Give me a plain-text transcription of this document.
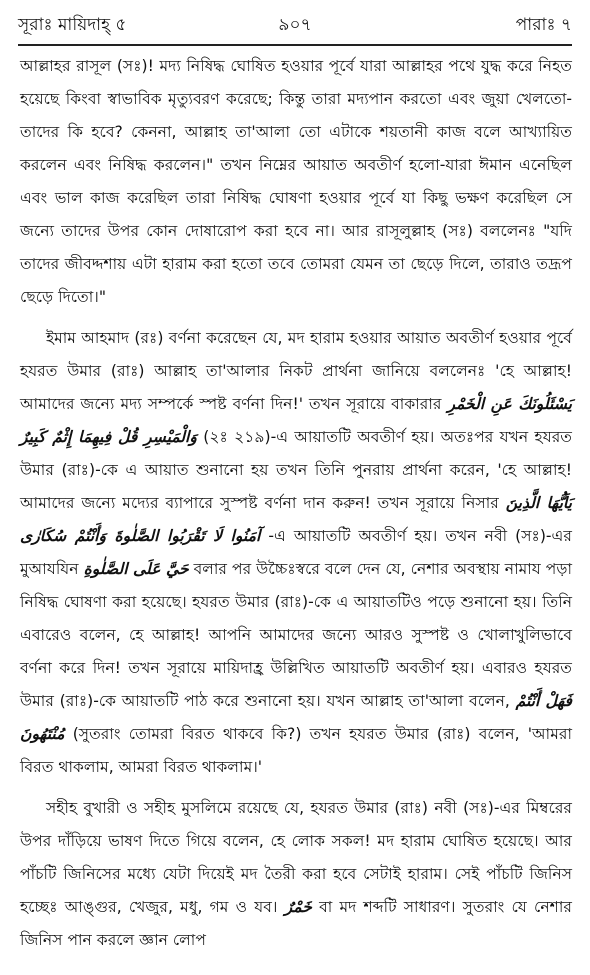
সূরাঃ মায়িদাহ্ ৫	৯০৭	পারাঃ ৭

আল্লাহর রাসূল (সঃ)! মদ্য নিষিদ্ধ ঘোষিত হওয়ার পূর্বে যারা আল্লাহর পথে যুদ্ধ করে নিহত হয়েছে কিংবা স্বাভাবিক মৃত্যুবরণ করেছে; কিন্তু তারা মদ্যপান করতো এবং জুয়া খেলতো- তাদের কি হবে? কেননা, আল্লাহ তা'আলা তো এটাকে শয়তানী কাজ বলে আখ্যায়িত করলেন এবং নিষিদ্ধ করলেন।" তখন নিম্নের আয়াত অবতীর্ণ হলো-যারা ঈমান এনেছিল এবং ভাল কাজ করেছিল তারা নিষিদ্ধ ঘোষণা হওয়ার পূর্বে যা কিছু ভক্ষণ করেছিল সে জন্যে তাদের উপর কোন দোষারোপ করা হবে না। আর রাসূলুল্লাহ (সঃ) বললেনঃ "যদি তাদের জীবদ্দশায় এটা হারাম করা হতো তবে তোমরা যেমন তা ছেড়ে দিলে, তারাও তদ্রূপ ছেড়ে দিতো।"

ইমাম আহমাদ (রঃ) বর্ণনা করেছেন যে, মদ হারাম হওয়ার আয়াত অবতীর্ণ হওয়ার পূর্বে হযরত উমার (রাঃ) আল্লাহ তা'আলার নিকট প্রার্থনা জানিয়ে বললেনঃ 'হে আল্লাহ! আমাদের জন্যে মদ্য সম্পর্কে স্পষ্ট বর্ণনা দিন!' তখন সূরায়ে বাকারার يَسْئَلُونَكَ عَنِ الْخَمْرِ وَالْمَيْسِرِ قُلْ فِيهِمَا إِثْمٌ كَبِيرٌ (২ঃ ২১৯)-এ আয়াতটি অবতীর্ণ হয়। অতঃপর যখন হযরত উমার (রাঃ)-কে এ আয়াত শুনানো হয় তখন তিনি পুনরায় প্রার্থনা করেন, 'হে আল্লাহ! আমাদের জন্যে মদ্যের ব্যাপারে সুস্পষ্ট বর্ণনা দান করুন! তখন সূরায়ে নিসার يَاَيُّهَا الَّذِينَ آمَنُوا لَا تَقْرَبُوا الصَّلٰوةَ وَأَنْتُمْ سُكَارٰى -এ আয়াতটি অবতীর্ণ হয়। তখন নবী (সঃ)-এর মুআযযিন حَيَّ عَلَى الصَّلٰوةِ বলার পর উচ্চৈঃস্বরে বলে দেন যে, নেশার অবস্থায় নামায পড়া নিষিদ্ধ ঘোষণা করা হয়েছে। হযরত উমার (রাঃ)-কে এ আয়াতটিও পড়ে শুনানো হয়। তিনি এবারেও বলেন, হে আল্লাহ! আপনি আমাদের জন্যে আরও সুস্পষ্ট ও খোলাখুলিভাবে বর্ণনা করে দিন! তখন সূরায়ে মায়িদাহ্র উল্লিখিত আয়াতটি অবতীর্ণ হয়। এবারও হযরত উমার (রাঃ)-কে আয়াতটি পাঠ করে শুনানো হয়। যখন আল্লাহ তা'আলা বলেন, فَهَلْ أَنْتُمْ مُنْتَهُونَ (সুতরাং তোমরা বিরত থাকবে কি?) তখন হযরত উমার (রাঃ) বলেন, 'আমরা বিরত থাকলাম, আমরা বিরত থাকলাম।'

সহীহ বুখারী ও সহীহ মুসলিমে রয়েছে যে, হযরত উমার (রাঃ) নবী (সঃ)-এর মিম্বরের উপর দাঁড়িয়ে ভাষণ দিতে গিয়ে বলেন, হে লোক সকল! মদ হারাম ঘোষিত হয়েছে। আর পাঁচটি জিনিসের মধ্যে যেটা দিয়েই মদ তৈরী করা হবে সেটাই হারাম। সেই পাঁচটি জিনিস হচ্ছেঃ আঙ্গুর, খেজুর, মধু, গম ও যব। خَمْرٌ বা মদ শব্দটি সাধারণ। সুতরাং যে নেশার জিনিস পান করলে জ্ঞান লোপ
